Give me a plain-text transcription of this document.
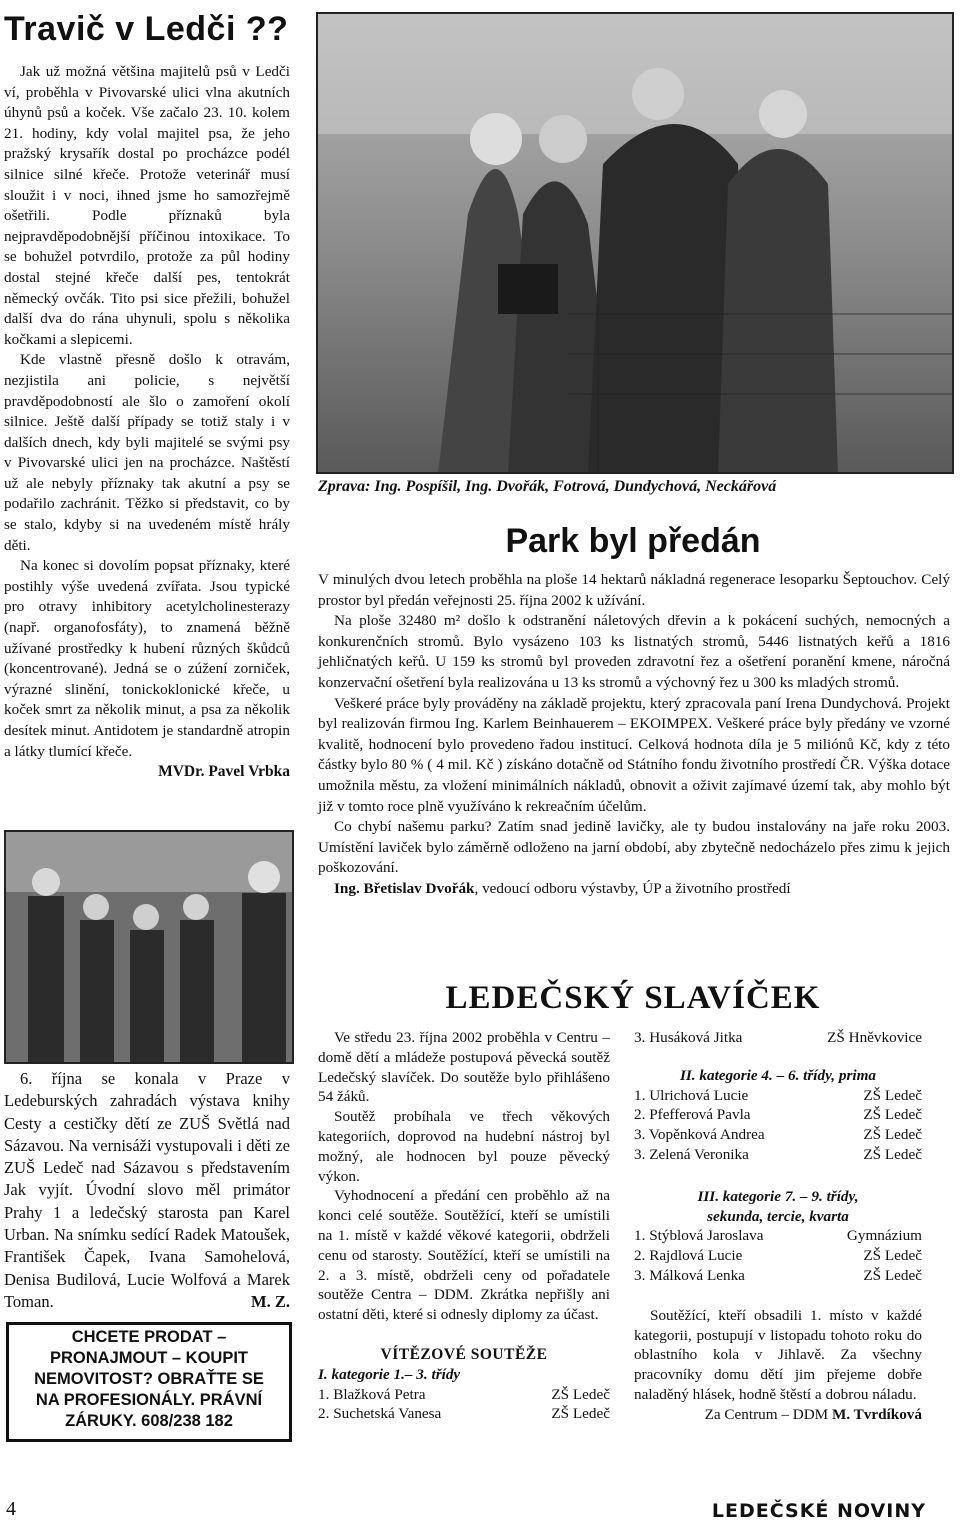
Travič v Ledči ??

Jak už možná většina majitelů psů v Ledči ví, proběhla v Pivovarské ulici vlna akutních úhynů psů a koček. Vše začalo 23. 10. kolem 21. hodiny, kdy volal majitel psa, že jeho pražský krysařík dostal po procházce podél silnice silné křeče. Protože veterinář musí sloužit i v noci, ihned jsme ho samozřejmě ošetřili. Podle příznaků byla nejpravděpodobnější příčinou intoxikace. To se bohužel potvrdilo, protože za půl hodiny dostal stejné křeče další pes, tentokrát německý ovčák. Tito psi sice přežili, bohužel další dva do rána uhynuli, spolu s několika kočkami a slepicemi.

Kde vlastně přesně došlo k otravám, nezjistila ani policie, s největší pravděpodobností ale šlo o zamoření okolí silnice. Ještě další případy se totiž staly i v dalších dnech, kdy byli majitelé se svými psy v Pivovarské ulici jen na procházce. Naštěstí už ale nebyly příznaky tak akutní a psy se podařilo zachránit. Těžko si představit, co by se stalo, kdyby si na uvedeném místě hrály děti.

Na konec si dovolím popsat příznaky, které postihly výše uvedená zvířata. Jsou typické pro otravy inhibitory acetylcholinesterazy (např. organofosfáty), to znamená běžně užívané prostředky k hubení různých škůdců (koncentrované). Jedná se o zúžení zorniček, výrazné slinění, tonickoklonické křeče, u koček smrt za několik minut, a psa za několik desítek minut. Antidotem je standardně atropin a látky tlumící křeče.

MVDr. Pavel Vrbka
Zprava: Ing. Pospíšil, Ing. Dvořák, Fotrová, Dundychová, Neckářová
Park byl předán

V minulých dvou letech proběhla na ploše 14 hektarů nákladná regenerace lesoparku Šeptouchov. Celý prostor byl předán veřejnosti 25. října 2002 k užívání.

Na ploše 32480 m² došlo k odstranění náletových dřevin a k pokácení suchých, nemocných a konkurenčních stromů. Bylo vysázeno 103 ks listnatých stromů, 5446 listnatých keřů a 1816 jehličnatých keřů. U 159 ks stromů byl proveden zdravotní řez a ošetření poranění kmene, náročná konzervační ošetření byla realizována u 13 ks stromů a výchovný řez u 300 ks mladých stromů.

Veškeré práce byly prováděny na základě projektu, který zpracovala paní Irena Dundychová. Projekt byl realizován firmou Ing. Karlem Beinhauerem – EKOIMPEX. Veškeré práce byly předány ve vzorné kvalitě, hodnocení bylo provedeno řadou institucí. Celková hodnota díla je 5 miliónů Kč, kdy z této částky bylo 80 % ( 4 mil. Kč ) získáno dotačně od Státního fondu životního prostředí ČR. Výška dotace umožnila městu, za vložení minimálních nákladů, obnovit a oživit zajímavé území tak, aby mohlo být již v tomto roce plně využíváno k rekreačním účelům.

Co chybí našemu parku? Zatím snad jedině lavičky, ale ty budou instalovány na jaře roku 2003. Umístění laviček bylo záměrně odloženo na jarní období, aby zbytečně nedocházelo přes zimu k jejich poškozování.

Ing. Břetislav Dvořák, vedoucí odboru výstavby, ÚP a životního prostředí

6. října se konala v Praze v Ledeburských zahradách výstava knihy Cesty a cestičky dětí ze ZUŠ Světlá nad Sázavou. Na vernisáži vystupovali i děti ze ZUŠ Ledeč nad Sázavou s představením Jak vyjít. Úvodní slovo měl primátor Prahy 1 a ledečský starosta pan Karel Urban. Na snímku sedící Radek Matoušek, František Čapek, Ivana Samohelová, Denisa Budilová, Lucie Wolfová a Marek Toman.	M. Z.
CHCETE PRODAT –
PRONAJMOUT – KOUPIT
NEMOVITOST? OBRAŤTE SE
NA PROFESIONÁLY. PRÁVNÍ
ZÁRUKY. 608/238 182
LEDEČSKÝ SLAVÍČEK

Ve středu 23. října 2002 proběhla v Centru – domě dětí a mládeže postupová pěvecká soutěž Ledečský slavíček. Do soutěže bylo přihlášeno 54 žáků.

Soutěž probíhala ve třech věkových kategoriích, doprovod na hudební nástroj byl možný, ale hodnocen byl pouze pěvecký výkon.

Vyhodnocení a předání cen proběhlo až na konci celé soutěže. Soutěžící, kteří se umístili na 1. místě v každé věkové kategorii, obdrželi cenu od starosty. Soutěžící, kteří se umístili na 2. a 3. místě, obdrželi ceny od pořadatele soutěže Centra – DDM. Zkrátka nepřišly ani ostatní děti, které si odnesly diplomy za účast.

VÍTĚZOVÉ SOUTĚŽE
I. kategorie 1.– 3. třídy
1. Blažková Petra	ZŠ Ledeč
2. Suchetská Vanesa	ZŠ Ledeč
3. Husáková Jitka	ZŠ Hněvkovice
II. kategorie 4. – 6. třídy, prima
1. Ulrichová Lucie	ZŠ Ledeč
2. Pfefferová Pavla	ZŠ Ledeč
3. Vopěnková Andrea	ZŠ Ledeč
3. Zelená Veronika	ZŠ Ledeč
III. kategorie 7. – 9. třídy,
sekunda, tercie, kvarta
1. Stýblová Jaroslava	Gymnázium
2. Rajdlová Lucie	ZŠ Ledeč
3. Málková Lenka	ZŠ Ledeč

Soutěžící, kteří obsadili 1. místo v každé kategorii, postupují v listopadu tohoto roku do oblastního kola v Jihlavě. Za všechny pracovníky domu dětí jim přejeme dobře naladěný hlásek, hodně štěstí a dobrou náladu.

Za Centrum – DDM M. Tvrdíková
4	LEDEČSKÉ NOVINY
